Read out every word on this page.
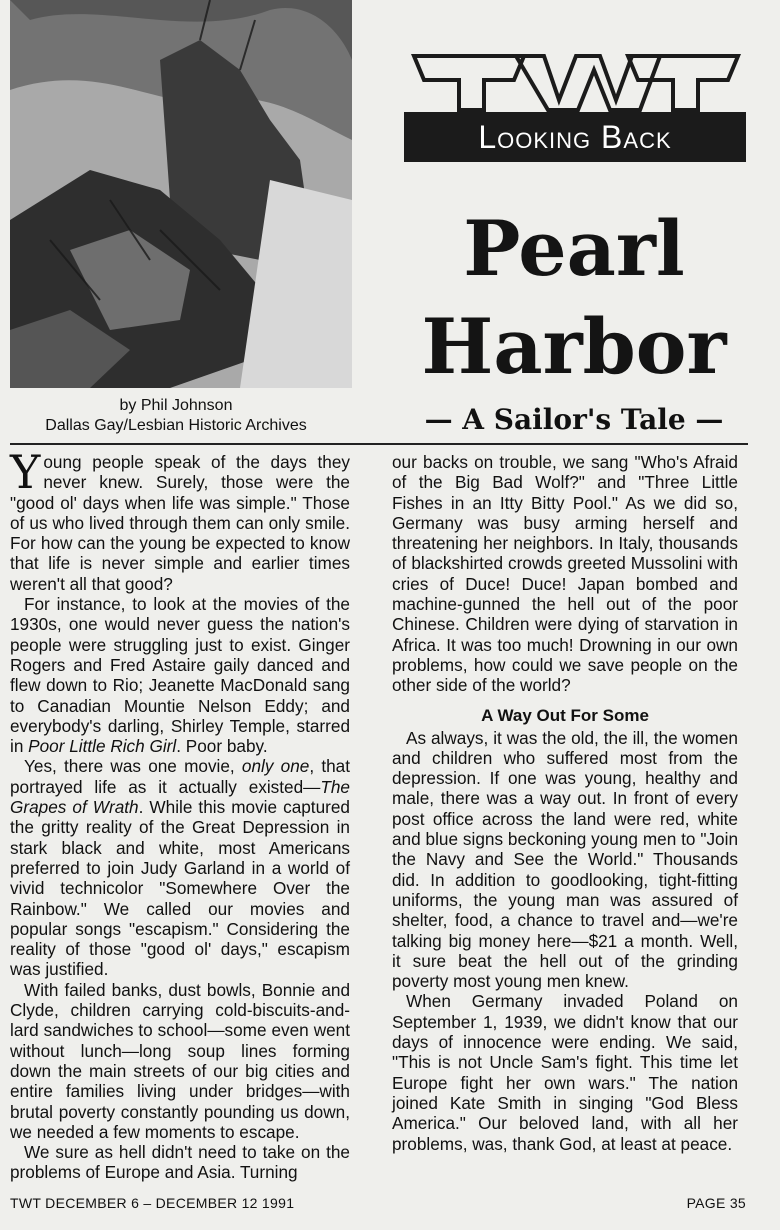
by Phil Johnson
Dallas Gay/Lesbian Historic Archives
Looking Back
Pearl
Harbor
— A Sailor's Tale —

Young people speak of the days they never knew. Surely, those were the "good ol' days when life was simple." Those of us who lived through them can only smile. For how can the young be expected to know that life is never simple and earlier times weren't all that good?

For instance, to look at the movies of the 1930s, one would never guess the nation's people were struggling just to exist. Ginger Rogers and Fred Astaire gaily danced and flew down to Rio; Jeanette MacDonald sang to Canadian Mountie Nelson Eddy; and everybody's darling, Shirley Temple, starred in Poor Little Rich Girl. Poor baby.

Yes, there was one movie, only one, that portrayed life as it actually existed—The Grapes of Wrath. While this movie captured the gritty reality of the Great Depression in stark black and white, most Americans preferred to join Judy Garland in a world of vivid technicolor "Somewhere Over the Rainbow." We called our movies and popular songs "escapism." Considering the reality of those "good ol' days," escapism was justified.

With failed banks, dust bowls, Bonnie and Clyde, children carrying cold-biscuits-and-lard sandwiches to school—some even went without lunch—long soup lines forming down the main streets of our big cities and entire families living under bridges—with brutal poverty constantly pounding us down, we needed a few moments to escape.

We sure as hell didn't need to take on the problems of Europe and Asia. Turning

our backs on trouble, we sang "Who's Afraid of the Big Bad Wolf?" and "Three Little Fishes in an Itty Bitty Pool." As we did so, Germany was busy arming herself and threatening her neighbors. In Italy, thousands of blackshirted crowds greeted Mussolini with cries of Duce! Duce! Japan bombed and machine-gunned the hell out of the poor Chinese. Children were dying of starvation in Africa. It was too much! Drowning in our own problems, how could we save people on the other side of the world?

A Way Out For Some

As always, it was the old, the ill, the women and children who suffered most from the depression. If one was young, healthy and male, there was a way out. In front of every post office across the land were red, white and blue signs beckoning young men to "Join the Navy and See the World." Thousands did. In addition to goodlooking, tight-fitting uniforms, the young man was assured of shelter, food, a chance to travel and—we're talking big money here—$21 a month. Well, it sure beat the hell out of the grinding poverty most young men knew.

When Germany invaded Poland on September 1, 1939, we didn't know that our days of innocence were ending. We said, "This is not Uncle Sam's fight. This time let Europe fight her own wars." The nation joined Kate Smith in singing "God Bless America." Our beloved land, with all her problems, was, thank God, at least at peace.

TWT DECEMBER 6 – DECEMBER 12 1991	PAGE 35
